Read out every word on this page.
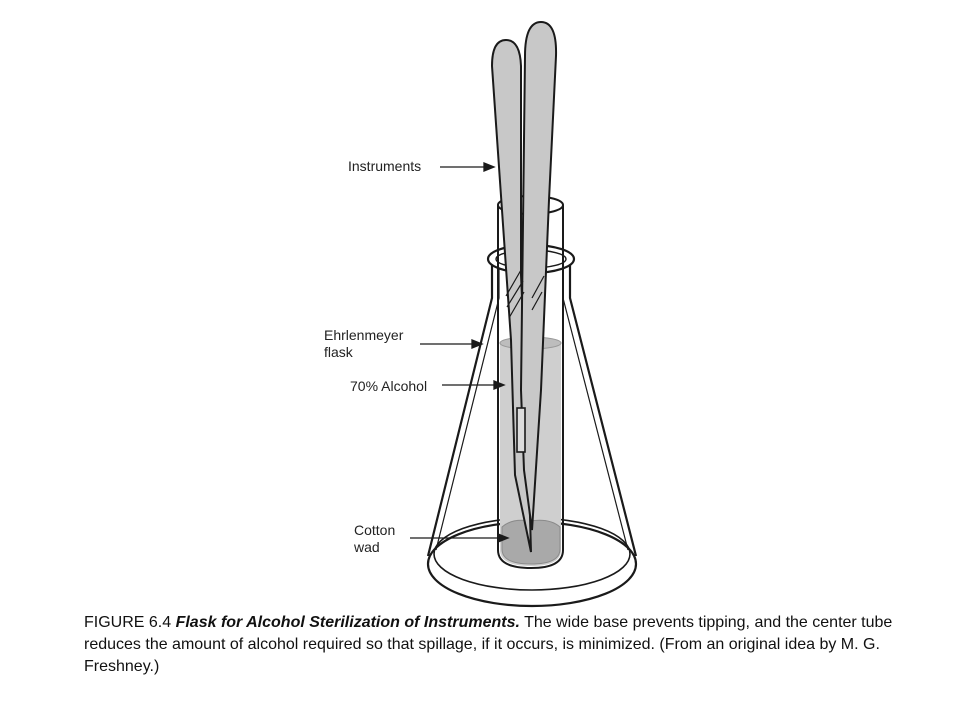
Instruments
Ehrlenmeyer
flask
70% Alcohol
Cotton
wad
FIGURE 6.4 Flask for Alcohol Sterilization of Instruments. The wide base prevents tipping, and the center tube reduces the amount of alcohol required so that spillage, if it occurs, is minimized. (From an original idea by M. G. Freshney.)
